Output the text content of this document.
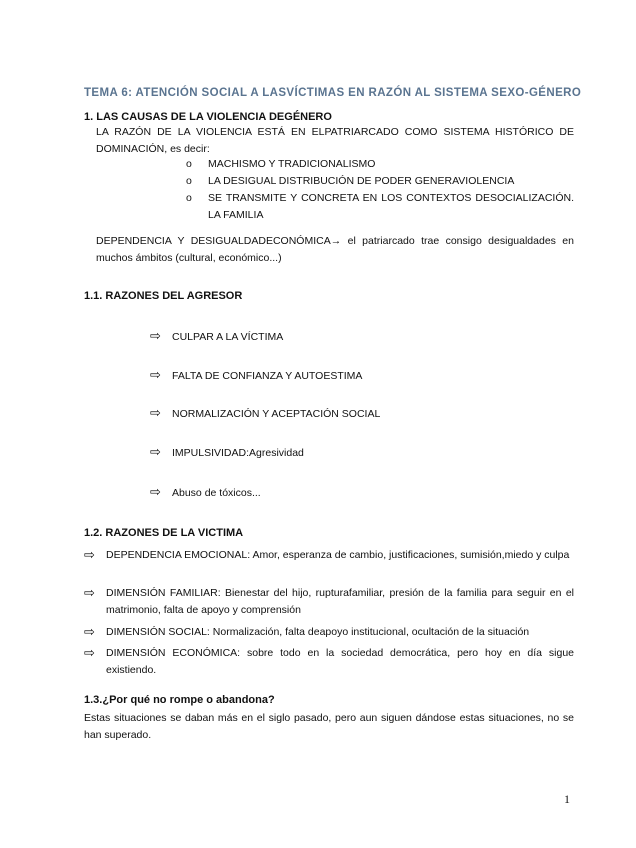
TEMA 6: ATENCIÓN SOCIAL A LASVÍCTIMAS EN RAZÓN AL SISTEMA SEXO-GÉNERO
1. LAS CAUSAS DE LA VIOLENCIA DEGÉNERO
LA RAZÓN DE LA VIOLENCIA ESTÁ EN ELPATRIARCADO COMO SISTEMA HISTÓRICO DE DOMINACIÓN, es decir:
o MACHISMO Y TRADICIONALISMO
o LA DESIGUAL DISTRIBUCIÓN DE PODER GENERAVIOLENCIA
o SE TRANSMITE Y CONCRETA EN LOS CONTEXTOS DESOCIALIZACIÓN.
LA FAMILIA
DEPENDENCIA Y DESIGUALDADECONÓMICA→ el patriarcado trae consigo desigualdades en muchos ámbitos (cultural, económico...)
1.1. RAZONES DEL AGRESOR
⇨ CULPAR A LA VÍCTIMA
⇨ FALTA DE CONFIANZA Y AUTOESTIMA
⇨ NORMALIZACIÓN Y ACEPTACIÓN SOCIAL
⇨ IMPULSIVIDAD:Agresividad
⇨ Abuso de tóxicos...
1.2. RAZONES DE LA VICTIMA
⇨	DEPENDENCIA EMOCIONAL: Amor, esperanza de cambio, justificaciones, sumisión,miedo y culpa
⇨	DIMENSIÓN FAMILIAR: Bienestar del hijo, rupturafamiliar, presión de la familia para seguir en el matrimonio, falta de apoyo y comprensión
⇨	DIMENSIÓN SOCIAL: Normalización, falta deapoyo institucional, ocultación de la situación
⇨	DIMENSIÓN ECONÓMICA: sobre todo en la sociedad democrática, pero hoy en día sigue existiendo.
1.3.¿Por qué no rompe o abandona?
Estas situaciones se daban más en el siglo pasado, pero aun siguen dándose estas situaciones, no se han superado.
1
